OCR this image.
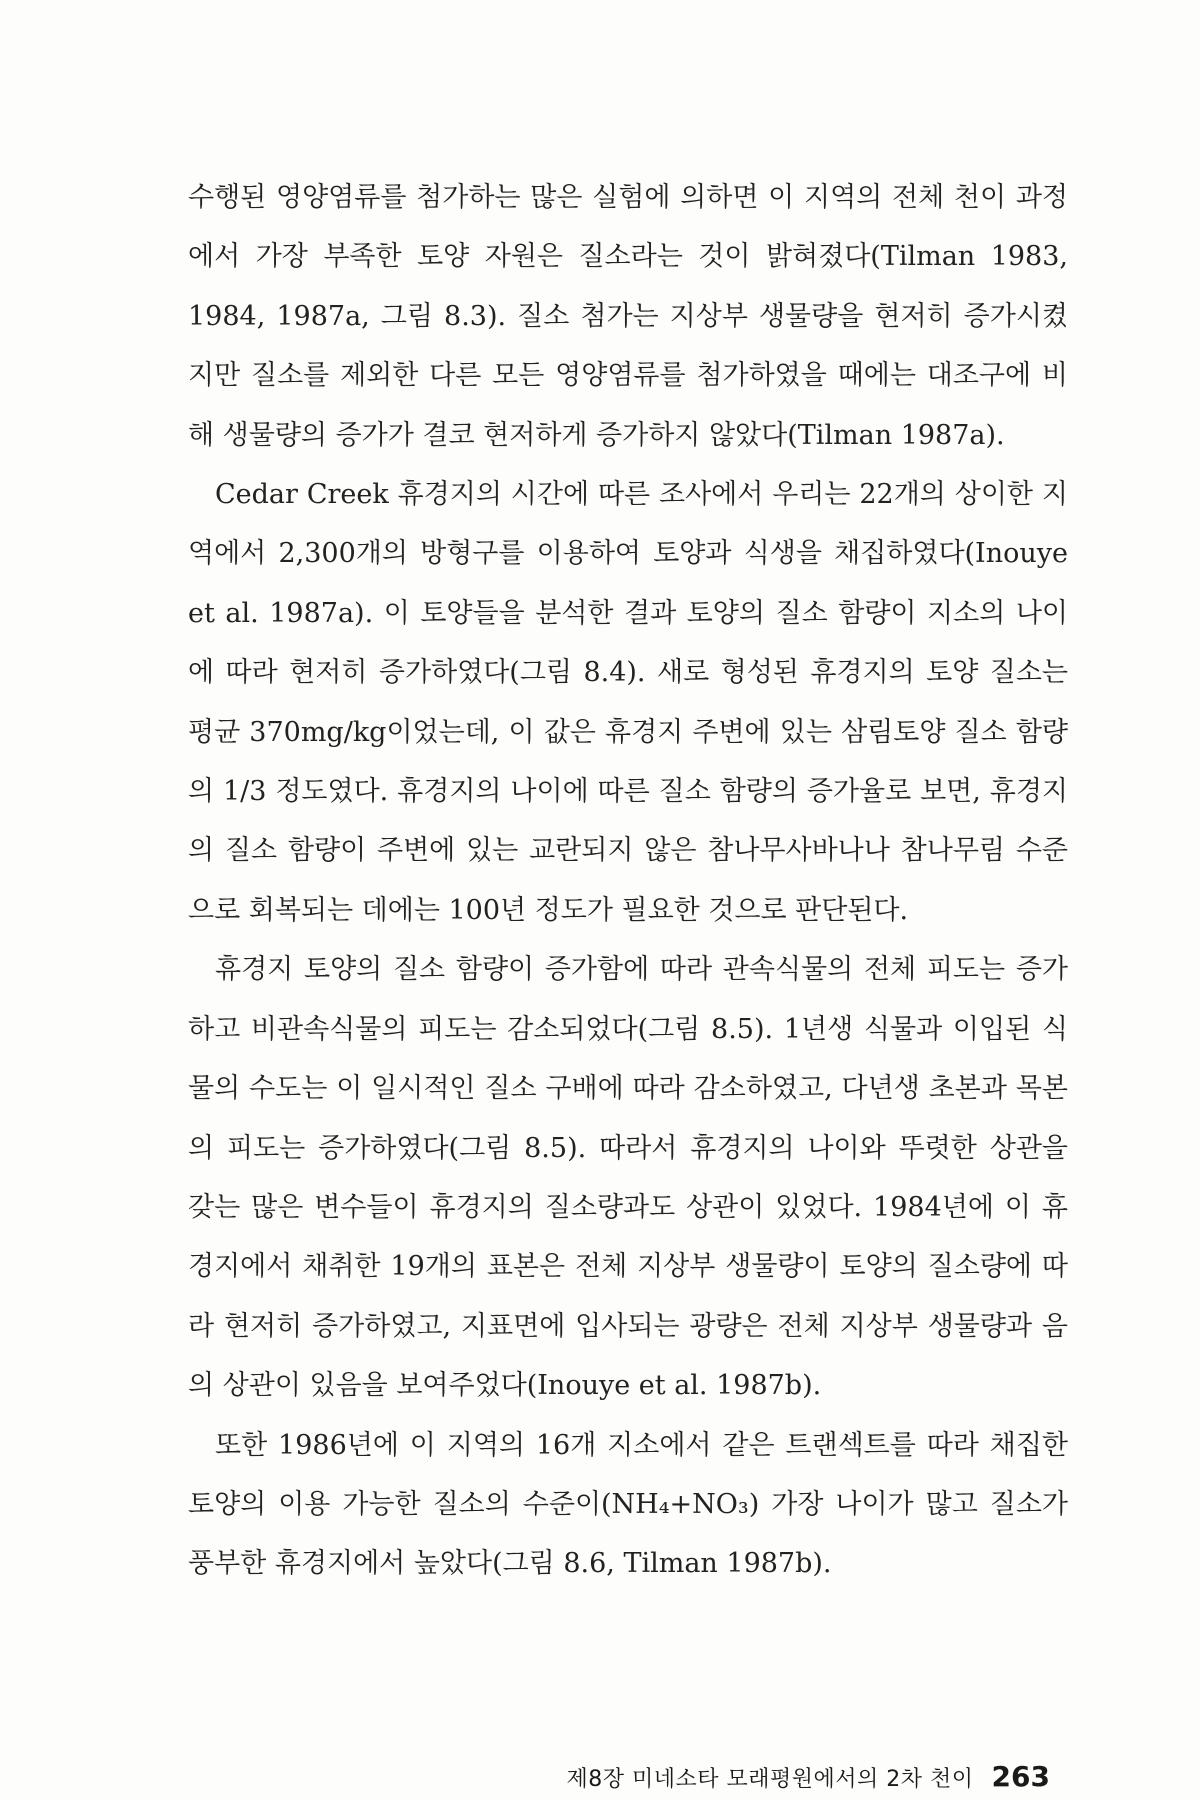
수행된 영양염류를 첨가하는 많은 실험에 의하면 이 지역의 전체 천이 과정에서 가장 부족한 토양 자원은 질소라는 것이 밝혀졌다(Tilman 1983, 1984, 1987a, 그림 8.3). 질소 첨가는 지상부 생물량을 현저히 증가시켰지만 질소를 제외한 다른 모든 영양염류를 첨가하였을 때에는 대조구에 비해 생물량의 증가가 결코 현저하게 증가하지 않았다(Tilman 1987a).

Cedar Creek 휴경지의 시간에 따른 조사에서 우리는 22개의 상이한 지역에서 2,300개의 방형구를 이용하여 토양과 식생을 채집하였다(Inouye et al. 1987a). 이 토양들을 분석한 결과 토양의 질소 함량이 지소의 나이에 따라 현저히 증가하였다(그림 8.4). 새로 형성된 휴경지의 토양 질소는 평균 370mg/kg이었는데, 이 값은 휴경지 주변에 있는 삼림토양 질소 함량의 1/3 정도였다. 휴경지의 나이에 따른 질소 함량의 증가율로 보면, 휴경지의 질소 함량이 주변에 있는 교란되지 않은 참나무사바나나 참나무림 수준으로 회복되는 데에는 100년 정도가 필요한 것으로 판단된다.

휴경지 토양의 질소 함량이 증가함에 따라 관속식물의 전체 피도는 증가하고 비관속식물의 피도는 감소되었다(그림 8.5). 1년생 식물과 이입된 식물의 수도는 이 일시적인 질소 구배에 따라 감소하였고, 다년생 초본과 목본의 피도는 증가하였다(그림 8.5). 따라서 휴경지의 나이와 뚜렷한 상관을 갖는 많은 변수들이 휴경지의 질소량과도 상관이 있었다. 1984년에 이 휴경지에서 채취한 19개의 표본은 전체 지상부 생물량이 토양의 질소량에 따라 현저히 증가하였고, 지표면에 입사되는 광량은 전체 지상부 생물량과 음의 상관이 있음을 보여주었다(Inouye et al. 1987b).

또한 1986년에 이 지역의 16개 지소에서 같은 트랜섹트를 따라 채집한 토양의 이용 가능한 질소의 수준이(NH₄+NO₃) 가장 나이가 많고 질소가 풍부한 휴경지에서 높았다(그림 8.6, Tilman 1987b).

제8장 미네소타 모래평원에서의 2차 천이 263
